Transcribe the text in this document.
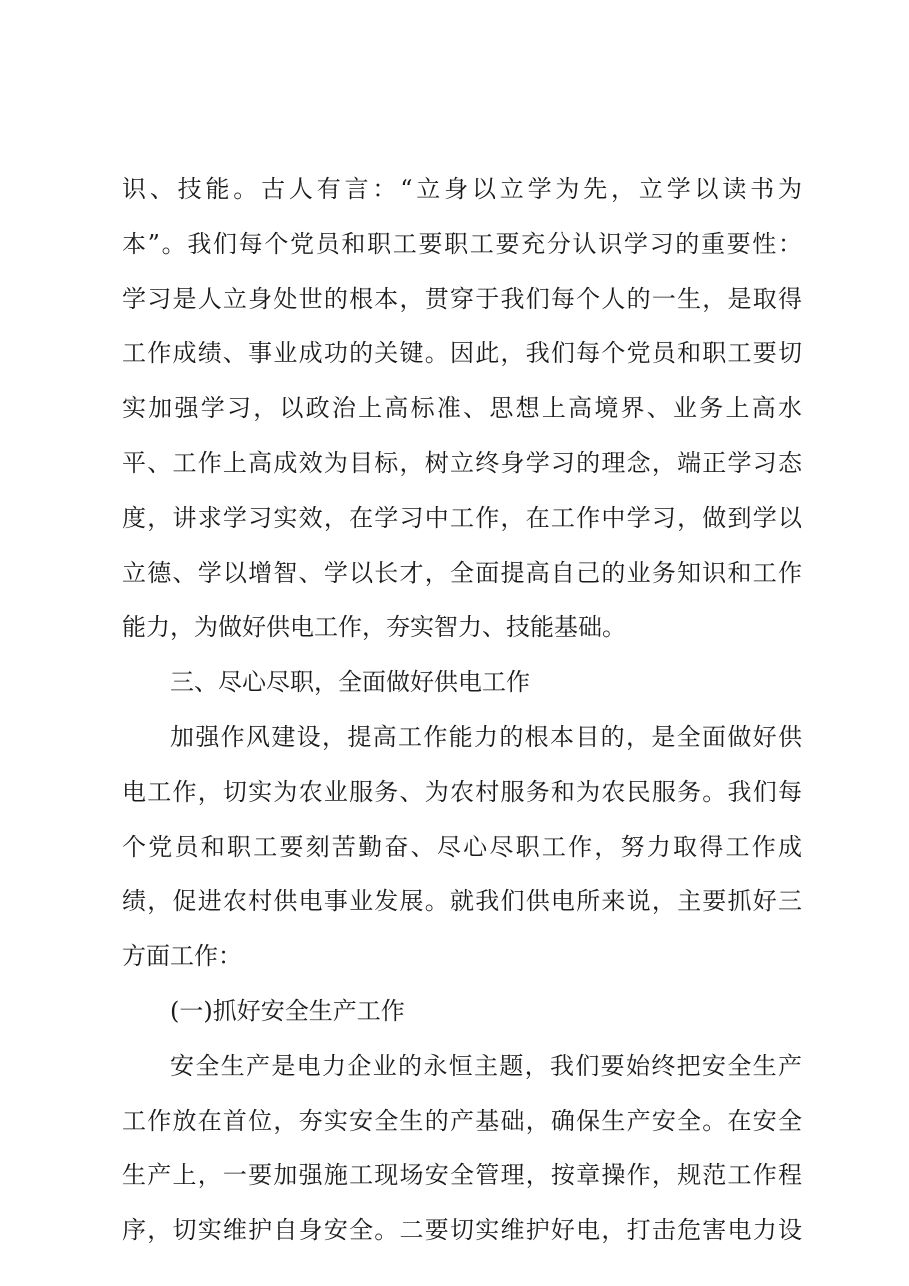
识、技能。古人有言：“立身以立学为先，立学以读书为
本”。我们每个党员和职工要职工要充分认识学习的重要性：
学习是人立身处世的根本，贯穿于我们每个人的一生，是取得
工作成绩、事业成功的关键。因此，我们每个党员和职工要切
实加强学习，以政治上高标准、思想上高境界、业务上高水
平、工作上高成效为目标，树立终身学习的理念，端正学习态
度，讲求学习实效，在学习中工作，在工作中学习，做到学以
立德、学以增智、学以长才，全面提高自己的业务知识和工作
能力，为做好供电工作，夯实智力、技能基础。
三、尽心尽职，全面做好供电工作
加强作风建设，提高工作能力的根本目的，是全面做好供
电工作，切实为农业服务、为农村服务和为农民服务。我们每
个党员和职工要刻苦勤奋、尽心尽职工作，努力取得工作成
绩，促进农村供电事业发展。就我们供电所来说，主要抓好三
方面工作：
(一)抓好安全生产工作
安全生产是电力企业的永恒主题，我们要始终把安全生产
工作放在首位，夯实安全生的产基础，确保生产安全。在安全
生产上，一要加强施工现场安全管理，按章操作，规范工作程
序，切实维护自身安全。二要切实维护好电，打击危害电力设
